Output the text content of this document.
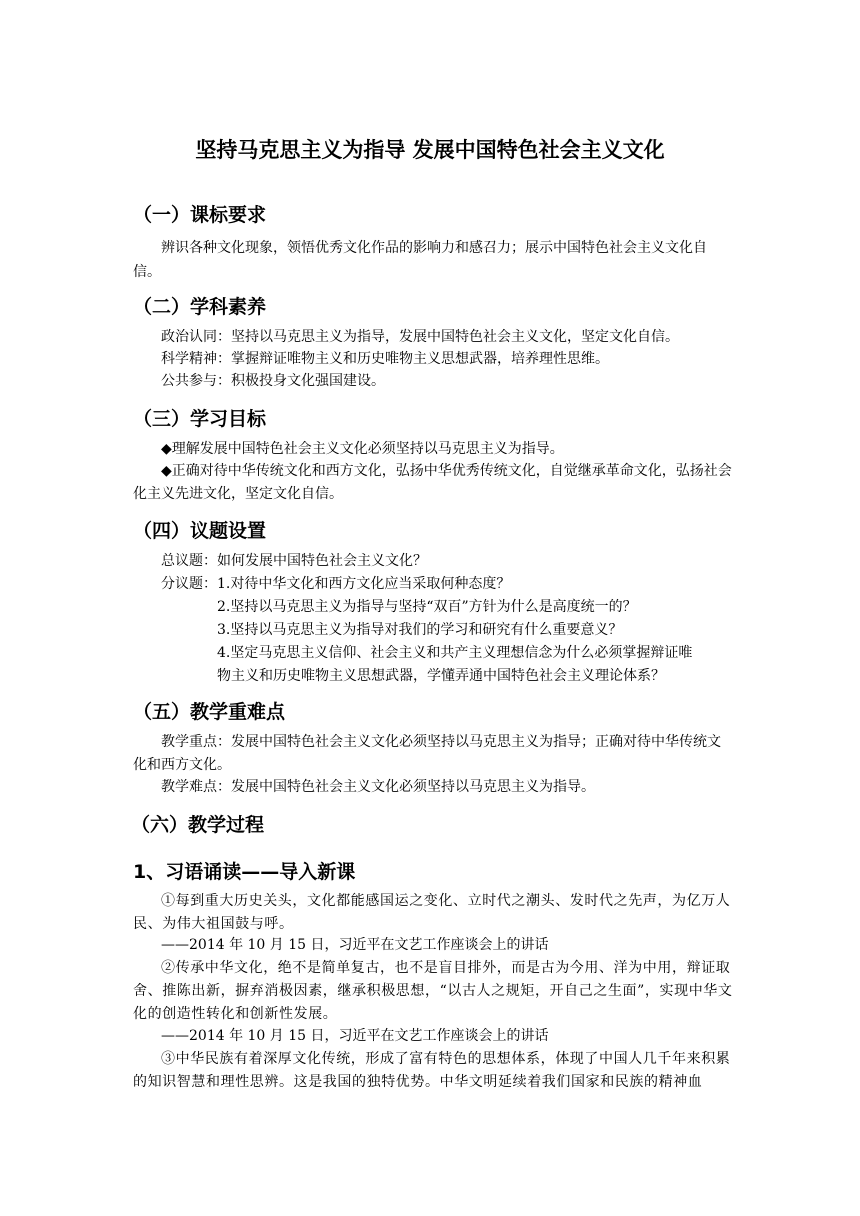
坚持马克思主义为指导 发展中国特色社会主义文化
（一）课标要求
辨识各种文化现象，领悟优秀文化作品的影响力和感召力；展示中国特色社会主义文化自信。
（二）学科素养
政治认同：坚持以马克思主义为指导，发展中国特色社会主义文化，坚定文化自信。
科学精神：掌握辩证唯物主义和历史唯物主义思想武器，培养理性思维。
公共参与：积极投身文化强国建设。
（三）学习目标
◆理解发展中国特色社会主义文化必须坚持以马克思主义为指导。
◆正确对待中华传统文化和西方文化，弘扬中华优秀传统文化，自觉继承革命文化，弘扬社会化主义先进文化，坚定文化自信。
（四）议题设置
总议题：如何发展中国特色社会主义文化？
分议题： 1.对待中华文化和西方文化应当采取何种态度？
2.坚持以马克思主义为指导与坚持“双百”方针为什么是高度统一的？
3.坚持以马克思主义为指导对我们的学习和研究有什么重要意义？
4.坚定马克思主义信仰、社会主义和共产主义理想信念为什么必须掌握辩证唯
物主义和历史唯物主义思想武器，学懂弄通中国特色社会主义理论体系？
（五）教学重难点
教学重点：发展中国特色社会主义文化必须坚持以马克思主义为指导；正确对待中华传统文化和西方文化。
教学难点：发展中国特色社会主义文化必须坚持以马克思主义为指导。
（六）教学过程
1、习语诵读——导入新课
①每到重大历史关头，文化都能感国运之变化、立时代之潮头、发时代之先声，为亿万人民、为伟大祖国鼓与呼。
——2014 年 10 月 15 日，习近平在文艺工作座谈会上的讲话
②传承中华文化，绝不是简单复古，也不是盲目排外，而是古为今用、洋为中用，辩证取舍、推陈出新，摒弃消极因素，继承积极思想，“以古人之规矩，开自己之生面”，实现中华文化的创造性转化和创新性发展。
——2014 年 10 月 15 日，习近平在文艺工作座谈会上的讲话
③中华民族有着深厚文化传统，形成了富有特色的思想体系，体现了中国人几千年来积累的知识智慧和理性思辨。这是我国的独特优势。中华文明延续着我们国家和民族的精神血
